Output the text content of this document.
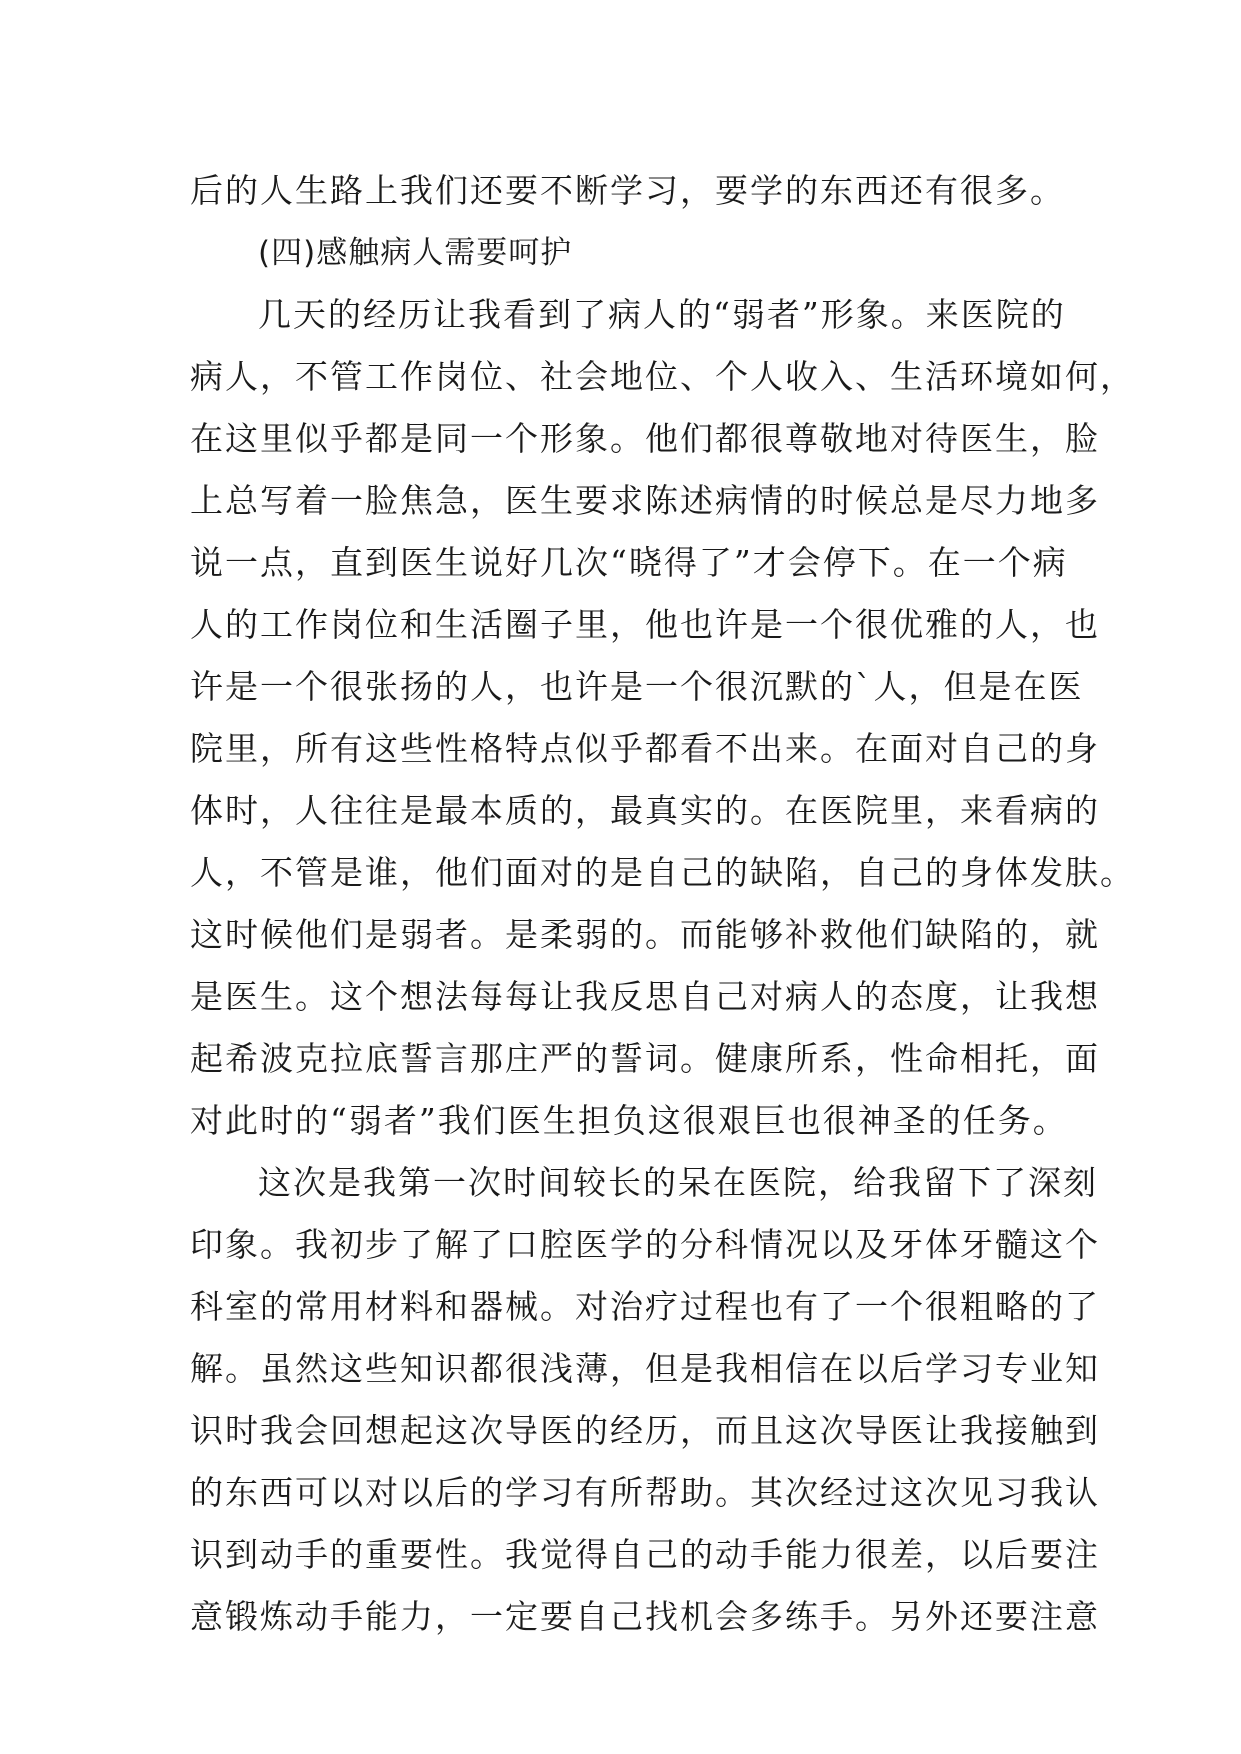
后的人生路上我们还要不断学习，要学的东西还有很多。
(四)感触病人需要呵护
几天的经历让我看到了病人的“弱者”形象。来医院的
病人，不管工作岗位、社会地位、个人收入、生活环境如何，
在这里似乎都是同一个形象。他们都很尊敬地对待医生，脸
上总写着一脸焦急，医生要求陈述病情的时候总是尽力地多
说一点，直到医生说好几次“晓得了”才会停下。在一个病
人的工作岗位和生活圈子里，他也许是一个很优雅的人，也
许是一个很张扬的人，也许是一个很沉默的`人，但是在医
院里，所有这些性格特点似乎都看不出来。在面对自己的身
体时，人往往是最本质的，最真实的。在医院里，来看病的
人，不管是谁，他们面对的是自己的缺陷，自己的身体发肤。
这时候他们是弱者。是柔弱的。而能够补救他们缺陷的，就
是医生。这个想法每每让我反思自己对病人的态度，让我想
起希波克拉底誓言那庄严的誓词。健康所系，性命相托，面
对此时的“弱者”我们医生担负这很艰巨也很神圣的任务。
这次是我第一次时间较长的呆在医院，给我留下了深刻
印象。我初步了解了口腔医学的分科情况以及牙体牙髓这个
科室的常用材料和器械。对治疗过程也有了一个很粗略的了
解。虽然这些知识都很浅薄，但是我相信在以后学习专业知
识时我会回想起这次导医的经历，而且这次导医让我接触到
的东西可以对以后的学习有所帮助。其次经过这次见习我认
识到动手的重要性。我觉得自己的动手能力很差，以后要注
意锻炼动手能力，一定要自己找机会多练手。另外还要注意
